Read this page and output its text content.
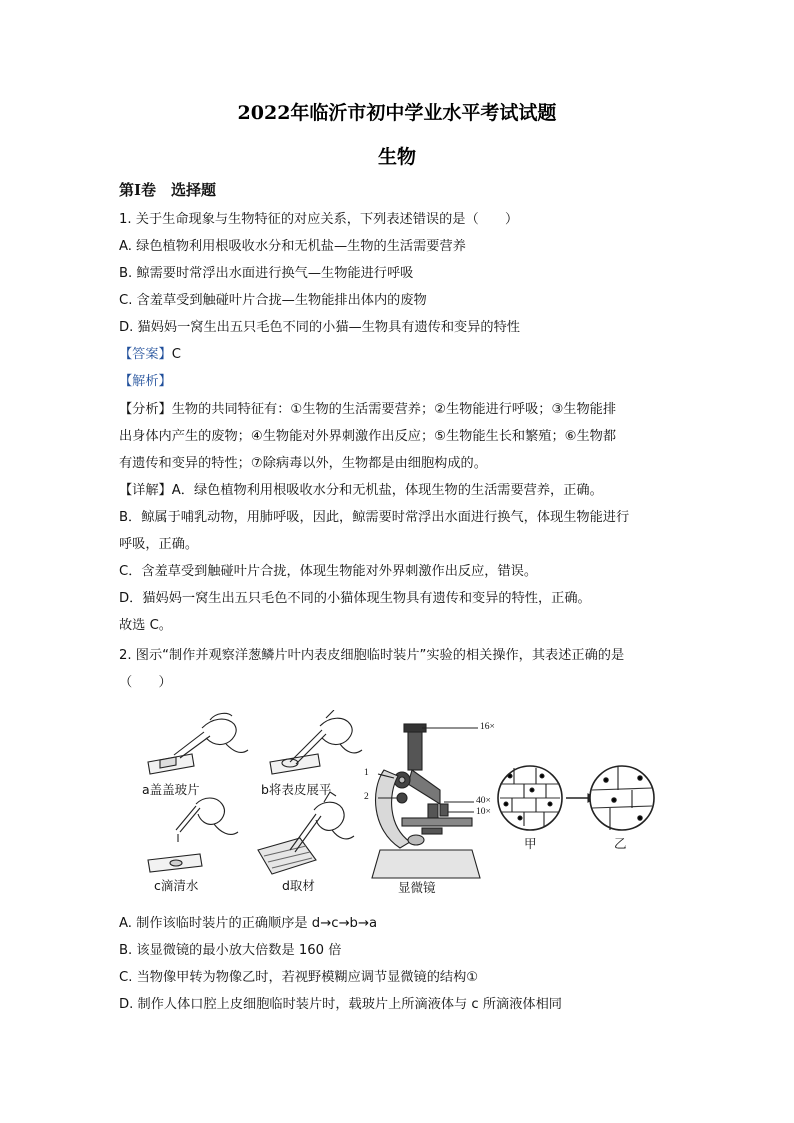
2022年临沂市初中学业水平考试试题
生物
第Ⅰ卷　选择题
1. 关于生命现象与生物特征的对应关系，下列表述错误的是（　　）
A. 绿色植物利用根吸收水分和无机盐—生物的生活需要营养
B. 鲸需要时常浮出水面进行换气—生物能进行呼吸
C. 含羞草受到触碰叶片合拢—生物能排出体内的废物
D. 猫妈妈一窝生出五只毛色不同的小猫—生物具有遗传和变异的特性
【答案】C
【解析】
【分析】生物的共同特征有：①生物的生活需要营养；②生物能进行呼吸；③生物能排
出身体内产生的废物；④生物能对外界刺激作出反应；⑤生物能生长和繁殖；⑥生物都
有遗传和变异的特性；⑦除病毒以外，生物都是由细胞构成的。
【详解】A．绿色植物利用根吸收水分和无机盐，体现生物的生活需要营养，正确。
B．鲸属于哺乳动物，用肺呼吸，因此，鲸需要时常浮出水面进行换气，体现生物能进行
呼吸，正确。
C．含羞草受到触碰叶片合拢，体现生物能对外界刺激作出反应，错误。
D．猫妈妈一窝生出五只毛色不同的小猫体现生物具有遗传和变异的特性，正确。
故选 C。
2. 图示“制作并观察洋葱鳞片叶内表皮细胞临时装片”实验的相关操作，其表述正确的是
（　　）
a盖盖玻片	b将表皮展平
c滴清水	d取材	显微镜
1
2
16×
40×
10×
甲	乙
A. 制作该临时装片的正确顺序是 d→c→b→a
B. 该显微镜的最小放大倍数是 160 倍
C. 当物像甲转为物像乙时，若视野模糊应调节显微镜的结构①
D. 制作人体口腔上皮细胞临时装片时，载玻片上所滴液体与 c 所滴液体相同
